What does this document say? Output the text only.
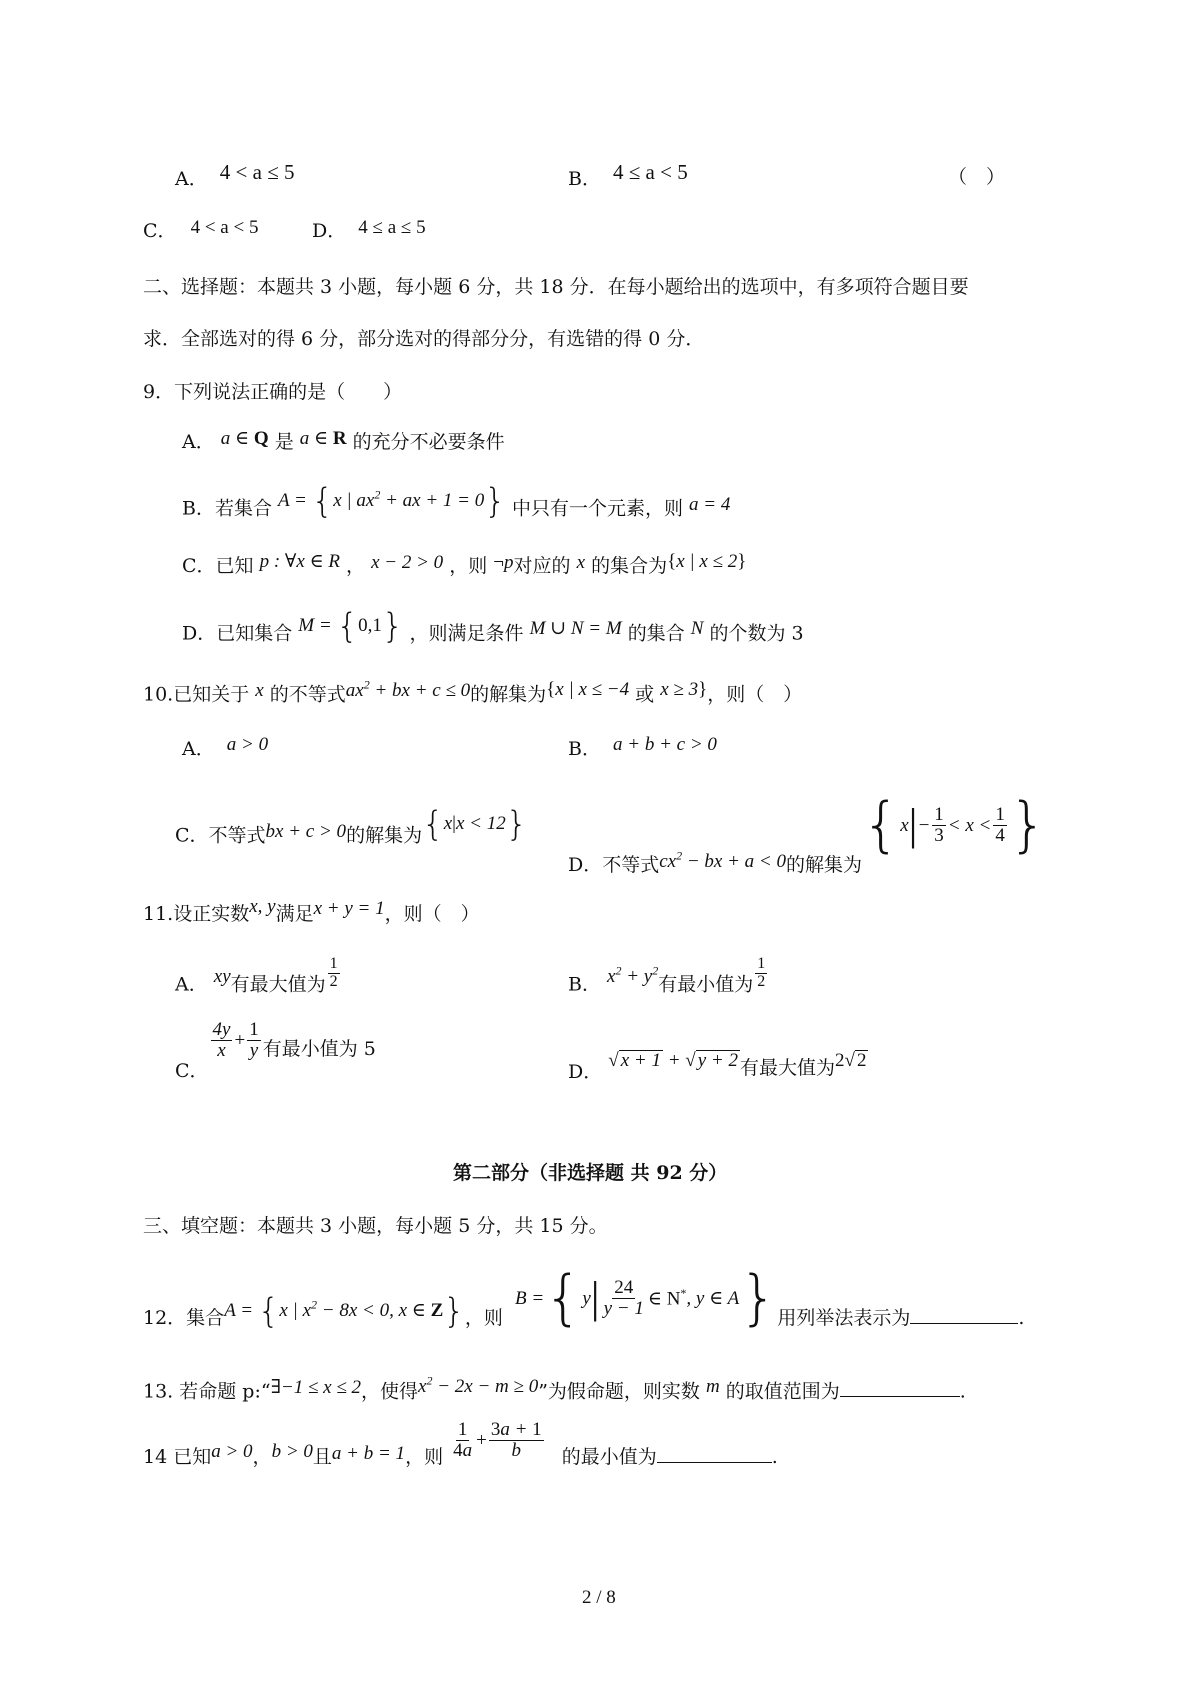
A． 4 < a ≤ 5	B． 4 ≤ a < 5	（　）
C． 4 < a < 5	D． 4 ≤ a ≤ 5
二、选择题：本题共 3 小题，每小题 6 分，共 18 分．在每小题给出的选项中，有多项符合题目要
求．全部选对的得 6 分，部分选对的得部分分，有选错的得 0 分．
9．下列说法正确的是（　　）
A． a ∈ Q 是 a ∈ R 的充分不必要条件
B．若集合 A = {x | $ax^2$ + ax + 1 = 0} 中只有一个元素，则 a = 4
C．已知 p : ∀x ∈ R ， x − 2 > 0 ，则 ¬p对应的 x 的集合为{x | x ≤ 2}
D．已知集合 M = {0,1} ，则满足条件 M ∪ N = M 的集合 N 的个数为 3
10.已知关于 x 的不等式$ax^2$ + bx + c ≤ 0的解集为{x | x ≤ −4 或 x ≥ 3}，则（　）
A． a > 0	B． a + b + c > 0
C．不等式bx + c > 0的解集为{x|x < 12}
D．不等式$cx^2$ − bx + a < 0的解集为
{ x | − $\frac{1}{3} < x < \frac{1}{4}$ }
11.设正实数x, y满足x + y = 1，则（　）
A． xy有最大值为 $\frac{1}{2}$	B． $x^2 + y^2$有最小值为 $\frac{1}{2}$
C．
$\frac{4y}{x} + \frac{1}{y}$ 有最小值为 5
D． √ x + 1 + √ y + 2 有最大值为2√ 2
第二部分（非选择题 共 92 分）
三、填空题：本题共 3 小题，每小题 5 分，共 15 分。
12．集合A = {x | $x^2 - 8x < 0$, x ∈ Z}，则 B = { y | $\frac{24}{y - 1}$ ∈ N* , y ∈ A } 用列举法表示为	.
13. 若命题 p:“∃−1 ≤ x ≤ 2，使得$x^2 - 2x - m \ge 0$”为假命题，则实数 m 的取值范围为	.
14 已知a > 0，b > 0且a + b = 1，则 $\frac{1}{4a} + \frac{3a + 1}{b}$ 的最小值为	.
2 / 8
